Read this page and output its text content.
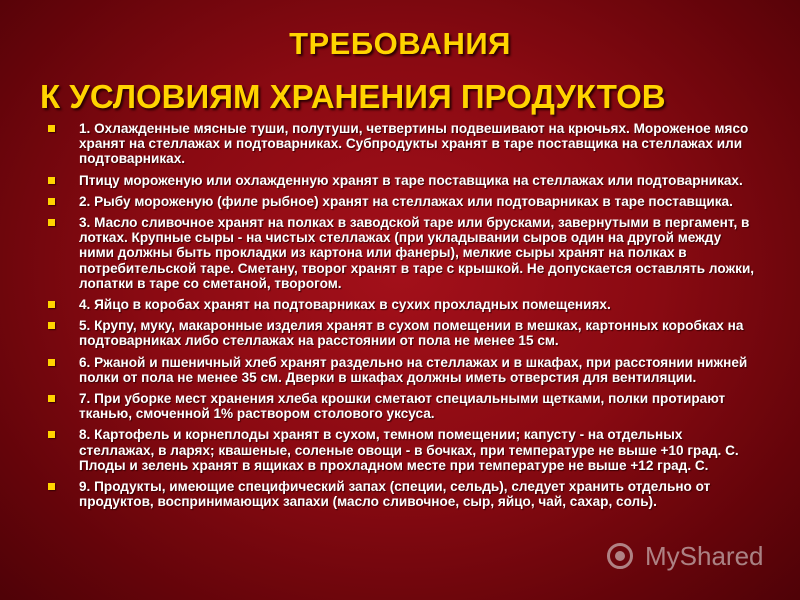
ТРЕБОВАНИЯ
К УСЛОВИЯМ ХРАНЕНИЯ ПРОДУКТОВ
1. Охлажденные мясные туши, полутуши, четвертины подвешивают на крючьях. Мороженое мясо хранят на стеллажах и подтоварниках. Субпродукты хранят в таре поставщика на стеллажах или подтоварниках.
Птицу мороженую или охлажденную хранят в таре поставщика на стеллажах или подтоварниках.
2. Рыбу мороженую (филе рыбное) хранят на стеллажах или подтоварниках в таре поставщика.
3. Масло сливочное хранят на полках в заводской таре или брусками, завернутыми в пергамент, в лотках. Крупные сыры - на чистых стеллажах (при укладывании сыров один на другой между ними должны быть прокладки из картона или фанеры), мелкие сыры хранят на полках в потребительской таре. Сметану, творог хранят в таре с крышкой. Не допускается оставлять ложки, лопатки в таре со сметаной, творогом.
4. Яйцо в коробах хранят на подтоварниках в сухих прохладных помещениях.
5. Крупу, муку, макаронные изделия хранят в сухом помещении в мешках, картонных коробках на подтоварниках либо стеллажах на расстоянии от пола не менее 15 см.
6. Ржаной и пшеничный хлеб хранят раздельно на стеллажах и в шкафах, при расстоянии нижней полки от пола не менее 35 см. Дверки в шкафах должны иметь отверстия для вентиляции.
7. При уборке мест хранения хлеба крошки сметают специальными щетками, полки протирают тканью, смоченной 1% раствором столового уксуса.
8. Картофель и корнеплоды хранят в сухом, темном помещении; капусту - на отдельных стеллажах, в ларях; квашеные, соленые овощи - в бочках, при температуре не выше +10 град. С. Плоды и зелень хранят в ящиках в прохладном месте при температуре не выше +12 град. С.
9. Продукты, имеющие специфический запах (специи, сельдь), следует хранить отдельно от продуктов, воспринимающих запахи (масло сливочное, сыр, яйцо, чай, сахар, соль).
MyShared
